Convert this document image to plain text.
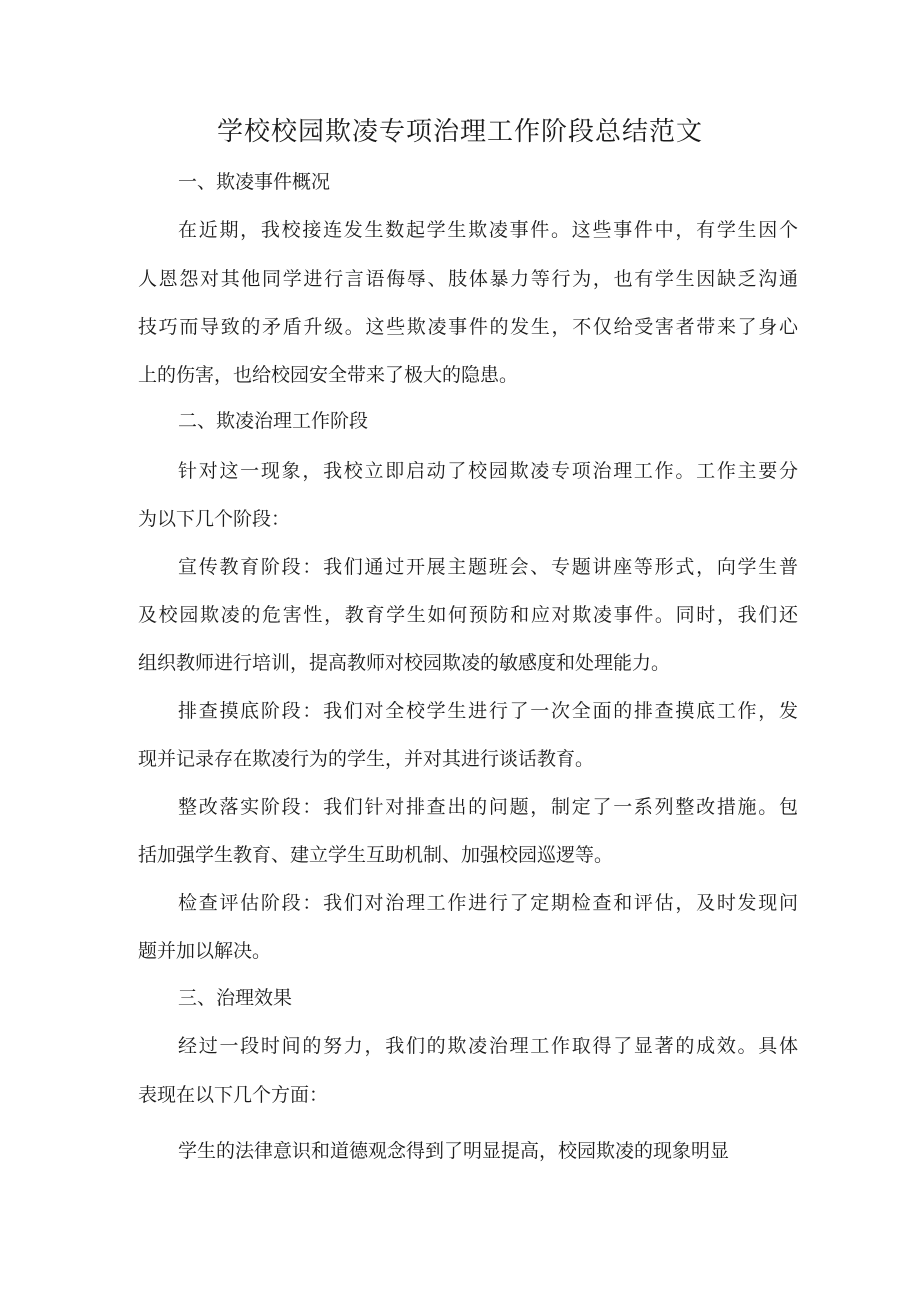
学校校园欺凌专项治理工作阶段总结范文
一、欺凌事件概况
在近期，我校接连发生数起学生欺凌事件。这些事件中，有学生因个
人恩怨对其他同学进行言语侮辱、肢体暴力等行为，也有学生因缺乏沟通
技巧而导致的矛盾升级。这些欺凌事件的发生，不仅给受害者带来了身心
上的伤害，也给校园安全带来了极大的隐患。
二、欺凌治理工作阶段
针对这一现象，我校立即启动了校园欺凌专项治理工作。工作主要分
为以下几个阶段：
宣传教育阶段：我们通过开展主题班会、专题讲座等形式，向学生普
及校园欺凌的危害性，教育学生如何预防和应对欺凌事件。同时，我们还
组织教师进行培训，提高教师对校园欺凌的敏感度和处理能力。
排查摸底阶段：我们对全校学生进行了一次全面的排查摸底工作，发
现并记录存在欺凌行为的学生，并对其进行谈话教育。
整改落实阶段：我们针对排查出的问题，制定了一系列整改措施。包
括加强学生教育、建立学生互助机制、加强校园巡逻等。
检查评估阶段：我们对治理工作进行了定期检查和评估，及时发现问
题并加以解决。
三、治理效果
经过一段时间的努力，我们的欺凌治理工作取得了显著的成效。具体
表现在以下几个方面：
学生的法律意识和道德观念得到了明显提高，校园欺凌的现象明显
